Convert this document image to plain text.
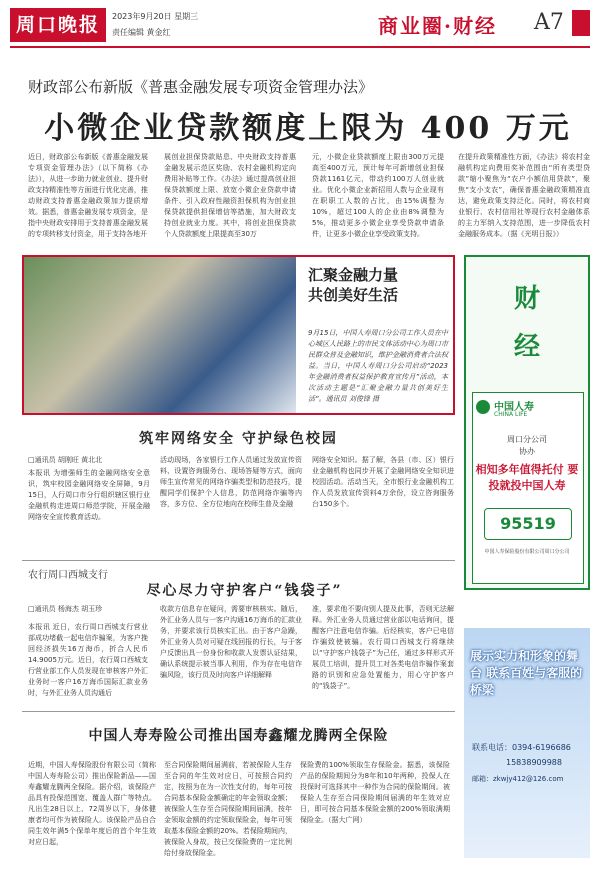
周口晚报	2023年9月20日 星期三
责任编辑 黄金红	商业圈·财经 A7
财政部公布新版《普惠金融发展专项资金管理办法》
小微企业贷款额度上限为 400 万元
近日，财政部公布新版《普惠金融发展专项资金管理办法》（以下简称《办法》），从进一步助力就业创业、提升财政支持精准性等方面进行优化完善，推动财政支持普惠金融政策加力提质增效。据悉，普惠金融发展专项资金，是指中央财政安排用于支持普惠金融发展的专项转移支付资金，用于支持各地开
展创业担保贷款贴息、中央财政支持普惠金融发展示范区奖励、农村金融机构定向费用补贴等工作。《办法》通过提高创业担保贷款额度上限、放宽小微企业贷款申请条件、引入政府性融资担保机构为创业担保贷款提供担保增信等措施，加大财政支持创业就业力度。其中，将创业担保贷款个人贷款额度上限提高至30万
元，小微企业贷款额度上限由300万元提高至400万元，预计每年可新增创业担保贷款1161亿元，带动约100万人创业就业。优化小微企业新招用人数与企业现有在职职工人数的占比，由15%调整为10%，超过100人的企业由8%调整为5%，推动更多小微企业享受贷款申请条件，让更多小微企业享受政策支持。
在提升政策精准性方面，《办法》将农村金融机构定向费用奖补范围由“所有类型贷款”缩小聚焦为“农户小额信用贷款”，聚焦“支小支农”，确保普惠金融政策精准直达，避免政策支持泛化。同时，将农村商业银行、农村信用社等现行农村金融体系的主力军纳入支持范围，进一步降低农村金融服务成本。（据《光明日报》）
汇聚金融力量
共创美好生活
9月15日，中国人寿周口分公司工作人员在中心城区人民路上的市民文体活动中心为周口市民群众普及金融知识，维护金融消费者合法权益。当日，中国人寿周口分公司启动“2023年金融消费者权益保护教育宣传月”活动，本次活动主题是“汇聚金融力量共创美好生活”。通讯员 刘俊锋 摄
财
经
中国人寿
CHINA LIFE
周口分公司
协办
相知多年值得托付 要投就投中国人寿
95519
中国人寿保险股份有限公司周口分公司
筑牢网络安全 守护绿色校园
□通讯员 胡刚旺 黄北北
本报讯 为增强师生的金融网络安全意识，筑牢校园金融网络安全屏障，9月15日，人行周口市分行组织辖区银行业金融机构走进周口师范学院，开展金融网络安全宣传教育活动。
活动现场，各家银行工作人员通过发放宣传资料、设置咨询服务台、现场答疑等方式，面向师生宣传常见的网络诈骗类型和防范技巧，提醒同学们保护个人信息，防范网络诈骗等内容，多方位、全方位地向在校师生普及金融
网络安全知识。据了解，各县（市、区）银行业金融机构也同步开展了金融网络安全知识进校园活动。活动当天，全市银行业金融机构工作人员发放宣传资料4万余份，设立咨询服务台150多个。
农行周口西城支行
尽心尽力守护客户“钱袋子”
□通讯员 杨海杰 胡玉珍
本报讯 近日，农行周口西城支行营业部成功堵截一起电信诈骗案，为客户挽回经济损失16万海币，折合人民币14.9005万元。近日，农行周口西城支行营业部工作人员发现在审核客户外汇业务时一客户16万海币国际汇款业务时，与外汇业务人员沟通后
收款方信息存在疑问，需要审核核实。随后，外汇业务人员与一客户沟通16万海币的汇款业务，并要求该行员核实汇出。由于客户急躁，外汇业务人员对可疑在线回报的行长，与于客户反馈出具一份身份和收款人发票认证结果，确认系统提示被当事人利用，作为存在电信诈骗风险，该行员及时向客户详细解释
准，要求他不要向别人提及此事，否则无法解释。外汇业务人员通过营业部以电话询问，提醒客户注意电信诈骗。后经核实，客户已电信诈骗致使被骗。农行周口西城支行将继续以“守护客户钱袋子”为己任，通过多样形式开展员工培训，提升员工对各类电信诈骗作案套路的识别和应急处置能力，用心守护客户的“钱袋子”。
展示实力和形象的舞台 联系百姓与客服的桥梁
联系电话：0394-6196686
15838909988
邮箱：zkwjy412@126.com
中国人寿寿险公司推出国寿鑫耀龙腾两全保险
近期，中国人寿保险股份有限公司（简称中国人寿寿险公司）推出保险新品——国寿鑫耀龙腾两全保险。据介绍，该保险产品具有投保范围宽、覆盖人群广等特点。凡出生28日以上、72周岁以下，身体健康者均可作为被保险人。该保险产品自合同生效年满5个保单年度后的首个年生效对应日起，
至合同保险期间届满前，若被保险人生存至合同的年生效对应日，可按照合同约定，按照为在为一次性支付的，每年可按合同基本保险金额确定的年金领取金额；被保险人生存至合同保险期间届满，按年金领取金额的约定领取保险金，每年可领取基本保险金额的20%。若保险期间内，被保险人身故，按已交保险费的一定比例给付身故保险金。
保险费的100%领取生存保险金。据悉，该保险产品的保险期间分为8年和10年两种，投保人在投保时可选择其中一种作为合同的保险期间。被保险人生存至合同保险期间届满的年生效对应日，即可按合同基本保险金额的200%领取满期保险金。（据大广网）
